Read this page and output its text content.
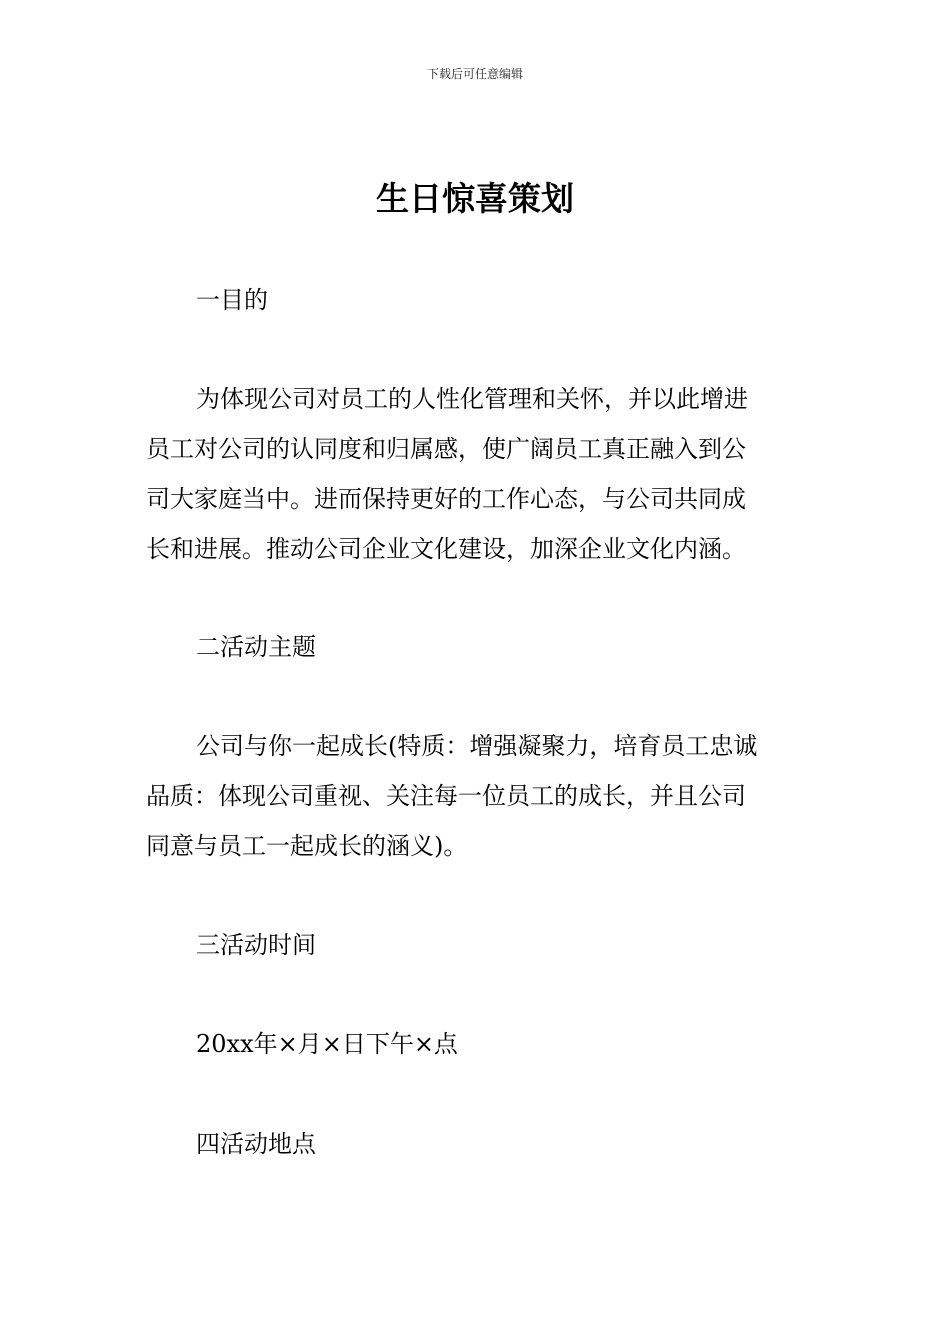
下载后可任意编辑
生日惊喜策划
一目的
为体现公司对员工的人性化管理和关怀，并以此增进
员工对公司的认同度和归属感，使广阔员工真正融入到公
司大家庭当中。进而保持更好的工作心态，与公司共同成
长和进展。推动公司企业文化建设，加深企业文化内涵。
二活动主题
公司与你一起成长(特质：增强凝聚力，培育员工忠诚
品质：体现公司重视、关注每一位员工的成长，并且公司
同意与员工一起成长的涵义)。
三活动时间
20xx年×月×日下午×点
四活动地点
